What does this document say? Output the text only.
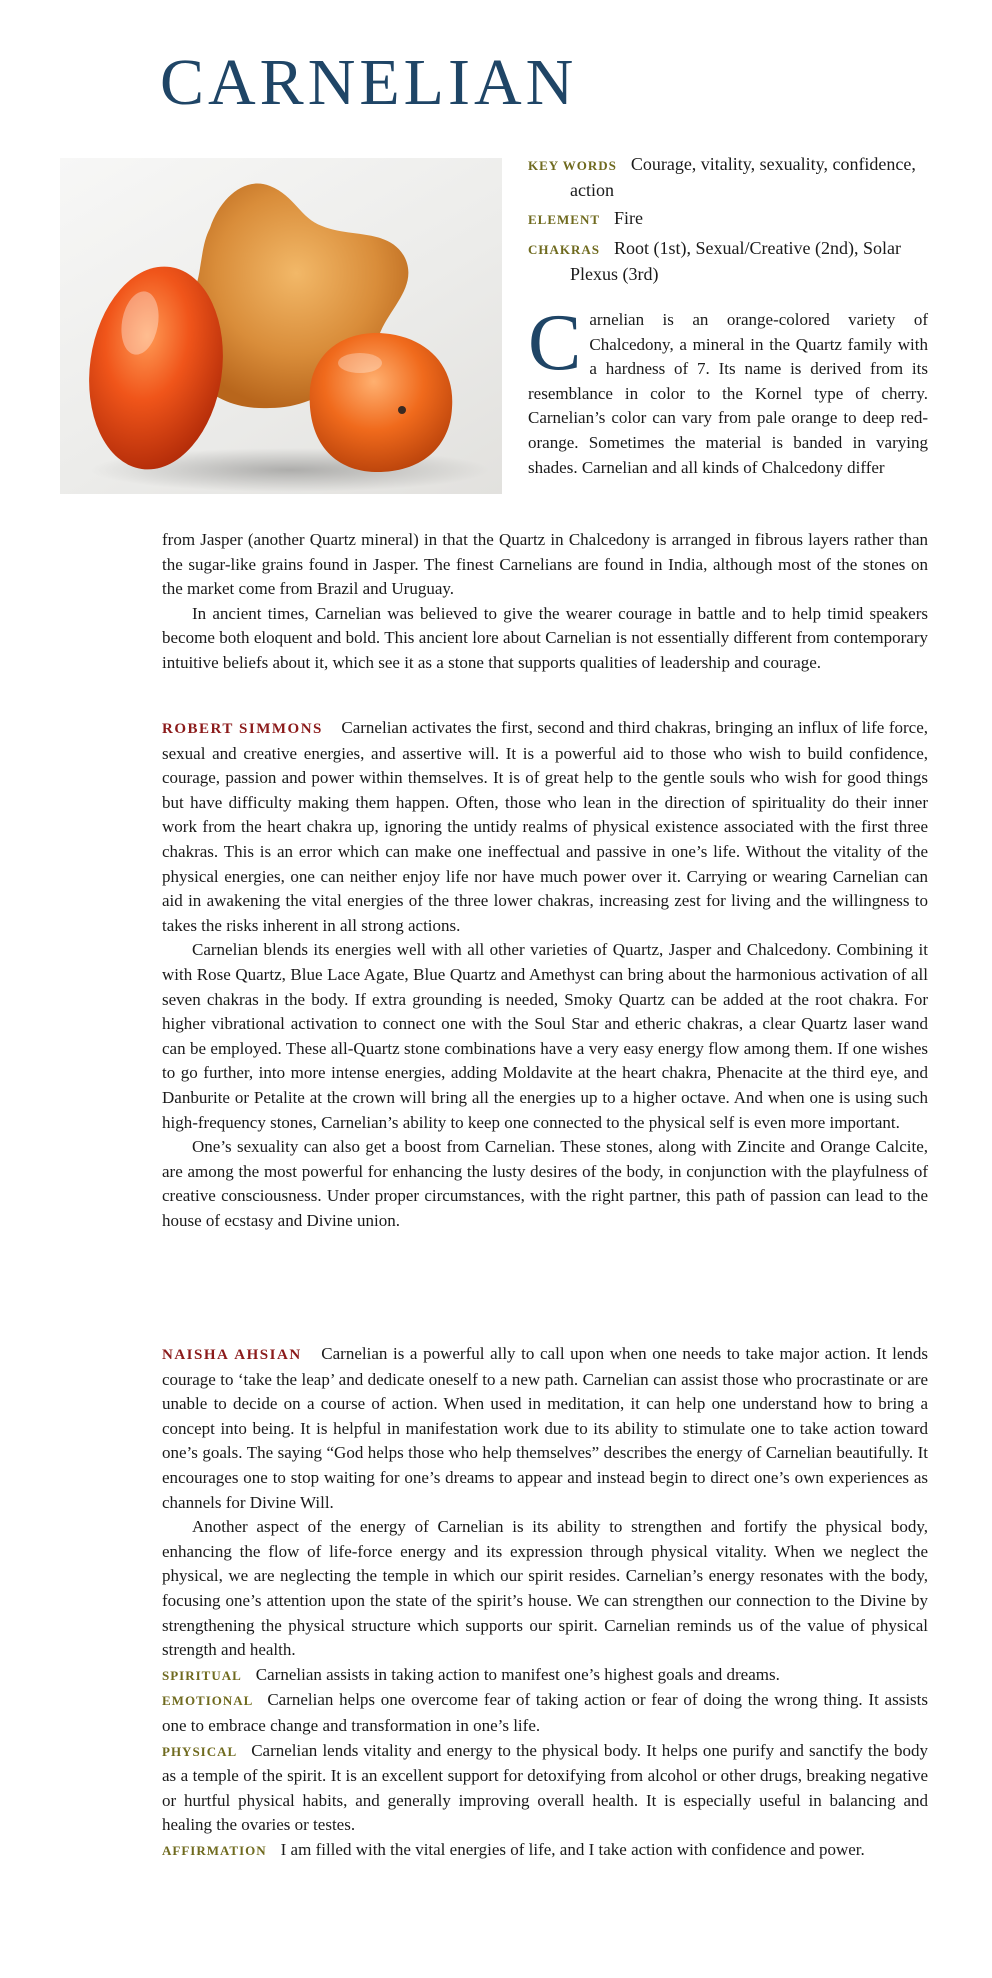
CARNELIAN

KEY WORDS Courage, vitality, sexuality, confidence, action

ELEMENT Fire

CHAKRAS Root (1st), Sexual/Creative (2nd), Solar Plexus (3rd)

Carnelian is an orange-colored variety of Chalcedony, a mineral in the Quartz family with a hardness of 7. Its name is derived from its resemblance in color to the Kornel type of cherry. Carnelian’s color can vary from pale orange to deep red-orange. Sometimes the material is banded in varying shades. Carnelian and all kinds of Chalcedony differ

from Jasper (another Quartz mineral) in that the Quartz in Chalcedony is arranged in fibrous layers rather than the sugar-like grains found in Jasper. The finest Carnelians are found in India, although most of the stones on the market come from Brazil and Uruguay.

In ancient times, Carnelian was believed to give the wearer courage in battle and to help timid speakers become both eloquent and bold. This ancient lore about Carnelian is not essentially different from contemporary intuitive beliefs about it, which see it as a stone that supports qualities of leadership and courage.

ROBERT SIMMONS Carnelian activates the first, second and third chakras, bringing an influx of life force, sexual and creative energies, and assertive will. It is a powerful aid to those who wish to build confidence, courage, passion and power within themselves. It is of great help to the gentle souls who wish for good things but have difficulty making them happen. Often, those who lean in the direction of spirituality do their inner work from the heart chakra up, ignoring the untidy realms of physical existence associated with the first three chakras. This is an error which can make one ineffectual and passive in one’s life. Without the vitality of the physical energies, one can neither enjoy life nor have much power over it. Carrying or wearing Carnelian can aid in awakening the vital energies of the three lower chakras, increasing zest for living and the willingness to takes the risks inherent in all strong actions.

Carnelian blends its energies well with all other varieties of Quartz, Jasper and Chalcedony. Combining it with Rose Quartz, Blue Lace Agate, Blue Quartz and Amethyst can bring about the harmonious activation of all seven chakras in the body. If extra grounding is needed, Smoky Quartz can be added at the root chakra. For higher vibrational activation to connect one with the Soul Star and etheric chakras, a clear Quartz laser wand can be employed. These all-Quartz stone combinations have a very easy energy flow among them. If one wishes to go further, into more intense energies, adding Moldavite at the heart chakra, Phenacite at the third eye, and Danburite or Petalite at the crown will bring all the energies up to a higher octave. And when one is using such high-frequency stones, Carnelian’s ability to keep one connected to the physical self is even more important.

One’s sexuality can also get a boost from Carnelian. These stones, along with Zincite and Orange Calcite, are among the most powerful for enhancing the lusty desires of the body, in conjunction with the playfulness of creative consciousness. Under proper circumstances, with the right partner, this path of passion can lead to the house of ecstasy and Divine union.

NAISHA AHSIAN Carnelian is a powerful ally to call upon when one needs to take major action. It lends courage to ‘take the leap’ and dedicate oneself to a new path. Carnelian can assist those who procrastinate or are unable to decide on a course of action. When used in meditation, it can help one understand how to bring a concept into being. It is helpful in manifestation work due to its ability to stimulate one to take action toward one’s goals. The saying “God helps those who help themselves” describes the energy of Carnelian beautifully. It encourages one to stop waiting for one’s dreams to appear and instead begin to direct one’s own experiences as channels for Divine Will.

Another aspect of the energy of Carnelian is its ability to strengthen and fortify the physical body, enhancing the flow of life-force energy and its expression through physical vitality. When we neglect the physical, we are neglecting the temple in which our spirit resides. Carnelian’s energy resonates with the body, focusing one’s attention upon the state of the spirit’s house. We can strengthen our connection to the Divine by strengthening the physical structure which supports our spirit. Carnelian reminds us of the value of physical strength and health.

SPIRITUAL Carnelian assists in taking action to manifest one’s highest goals and dreams.

EMOTIONAL Carnelian helps one overcome fear of taking action or fear of doing the wrong thing. It assists one to embrace change and transformation in one’s life.

PHYSICAL Carnelian lends vitality and energy to the physical body. It helps one purify and sanctify the body as a temple of the spirit. It is an excellent support for detoxifying from alcohol or other drugs, breaking negative or hurtful physical habits, and generally improving overall health. It is especially useful in balancing and healing the ovaries or testes.

AFFIRMATION I am filled with the vital energies of life, and I take action with confidence and power.
